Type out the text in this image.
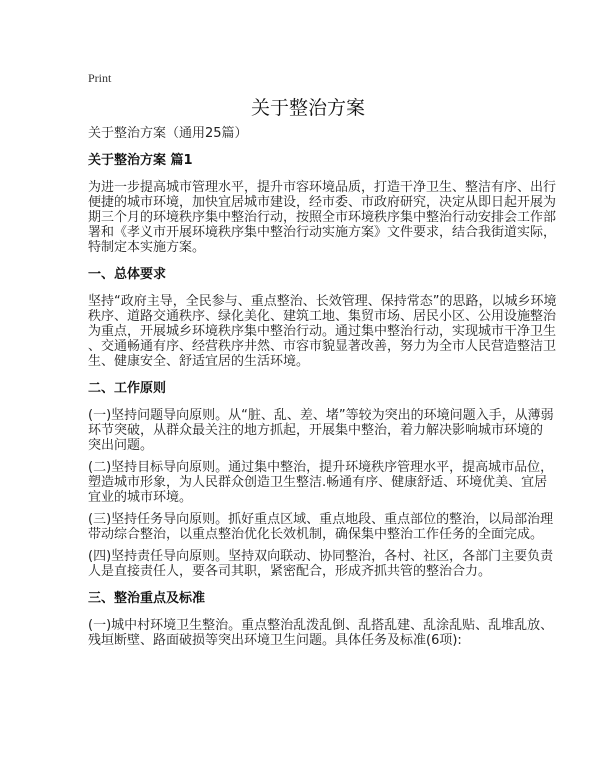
Print

关于整治方案

关于整治方案（通用25篇）

关于整治方案 篇1

为进一步提高城市管理水平，提升市容环境品质，打造干净卫生、整洁有序、出行
便捷的城市环境，加快宜居城市建设，经市委、市政府研究，决定从即日起开展为
期三个月的环境秩序集中整治行动，按照全市环境秩序集中整治行动安排会工作部
署和《孝义市开展环境秩序集中整治行动实施方案》文件要求，结合我街道实际，
特制定本实施方案。

一、总体要求

坚持“政府主导，全民参与、重点整治、长效管理、保持常态”的思路，以城乡环境
秩序、道路交通秩序、绿化美化、建筑工地、集贸市场、居民小区、公用设施整治
为重点，开展城乡环境秩序集中整治行动。通过集中整治行动，实现城市干净卫生
、交通畅通有序、经营秩序井然、市容市貌显著改善，努力为全市人民营造整洁卫
生、健康安全、舒适宜居的生活环境。

二、工作原则

(一)坚持问题导向原则。从“脏、乱、差、堵”等较为突出的环境问题入手，从薄弱
环节突破，从群众最关注的地方抓起，开展集中整治，着力解决影响城市环境的
突出问题。

(二)坚持目标导向原则。通过集中整治，提升环境秩序管理水平，提高城市品位，
塑造城市形象，为人民群众创造卫生整洁.畅通有序、健康舒适、环境优美、宜居
宜业的城市环境。

(三)坚持任务导向原则。抓好重点区域、重点地段、重点部位的整治，以局部治理
带动综合整治，以重点整治优化长效机制，确保集中整治工作任务的全面完成。

(四)坚持责任导向原则。坚持双向联动、协同整治，各村、社区，各部门主要负责
人是直接责任人，要各司其职，紧密配合，形成齐抓共管的整治合力。

三、整治重点及标准

(一)城中村环境卫生整治。重点整治乱泼乱倒、乱搭乱建、乱涂乱贴、乱堆乱放、
残垣断壁、路面破损等突出环境卫生问题。具体任务及标准(6项):
